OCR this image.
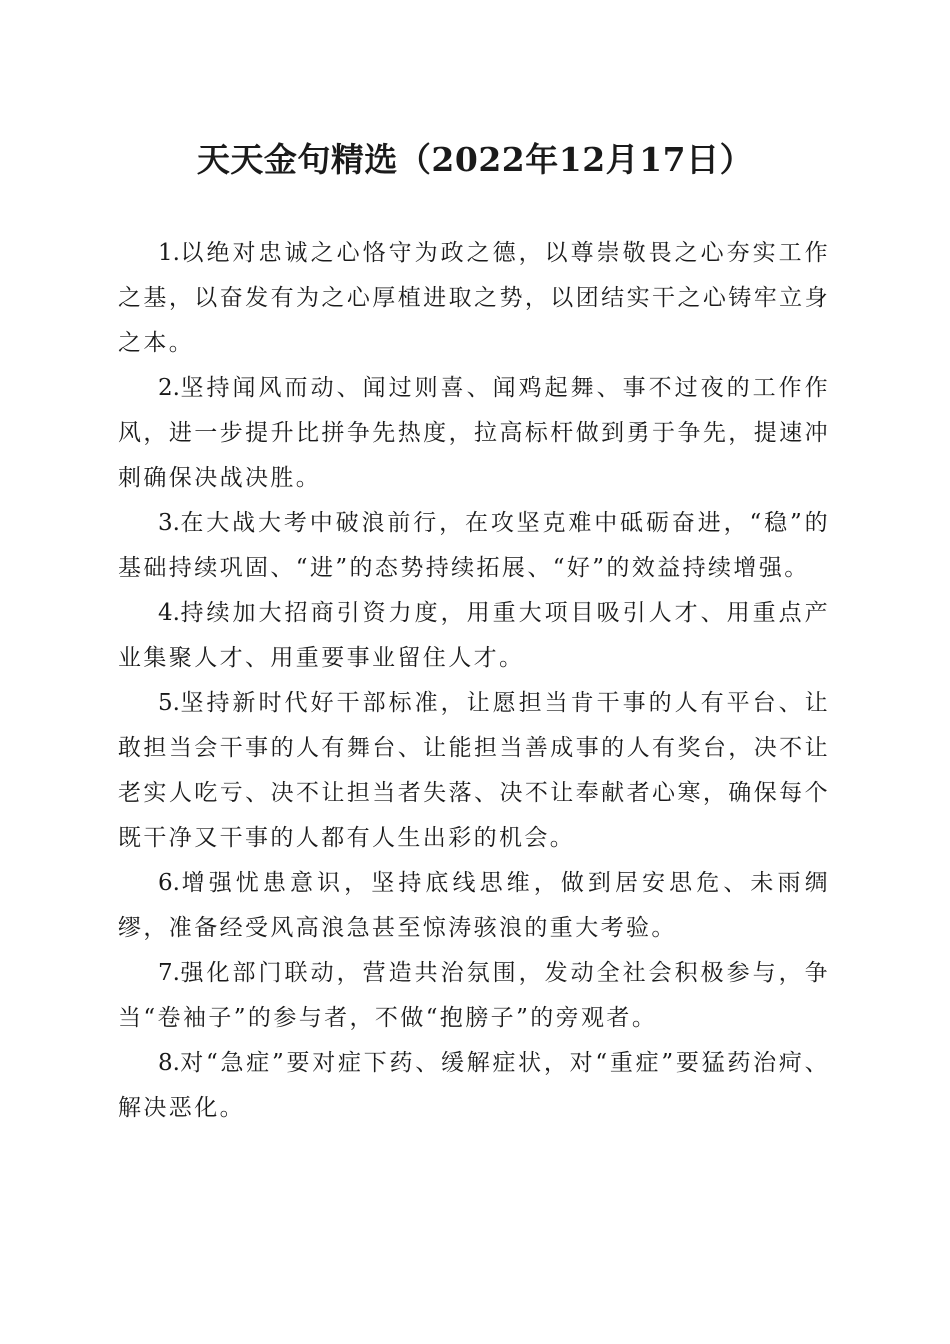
天天金句精选（2022年12月17日）

1.以绝对忠诚之心恪守为政之德，以尊崇敬畏之心夯实工作之基，以奋发有为之心厚植进取之势，以团结实干之心铸牢立身之本。

2.坚持闻风而动、闻过则喜、闻鸡起舞、事不过夜的工作作风，进一步提升比拼争先热度，拉高标杆做到勇于争先，提速冲刺确保决战决胜。

3.在大战大考中破浪前行，在攻坚克难中砥砺奋进，“稳”的基础持续巩固、“进”的态势持续拓展、“好”的效益持续增强。

4.持续加大招商引资力度，用重大项目吸引人才、用重点产业集聚人才、用重要事业留住人才。

5.坚持新时代好干部标准，让愿担当肯干事的人有平台、让敢担当会干事的人有舞台、让能担当善成事的人有奖台，决不让老实人吃亏、决不让担当者失落、决不让奉献者心寒，确保每个既干净又干事的人都有人生出彩的机会。

6.增强忧患意识，坚持底线思维，做到居安思危、未雨绸缪，准备经受风高浪急甚至惊涛骇浪的重大考验。

7.强化部门联动，营造共治氛围，发动全社会积极参与，争当“卷袖子”的参与者，不做“抱膀子”的旁观者。

8.对“急症”要对症下药、缓解症状，对“重症”要猛药治疴、解决恶化。
